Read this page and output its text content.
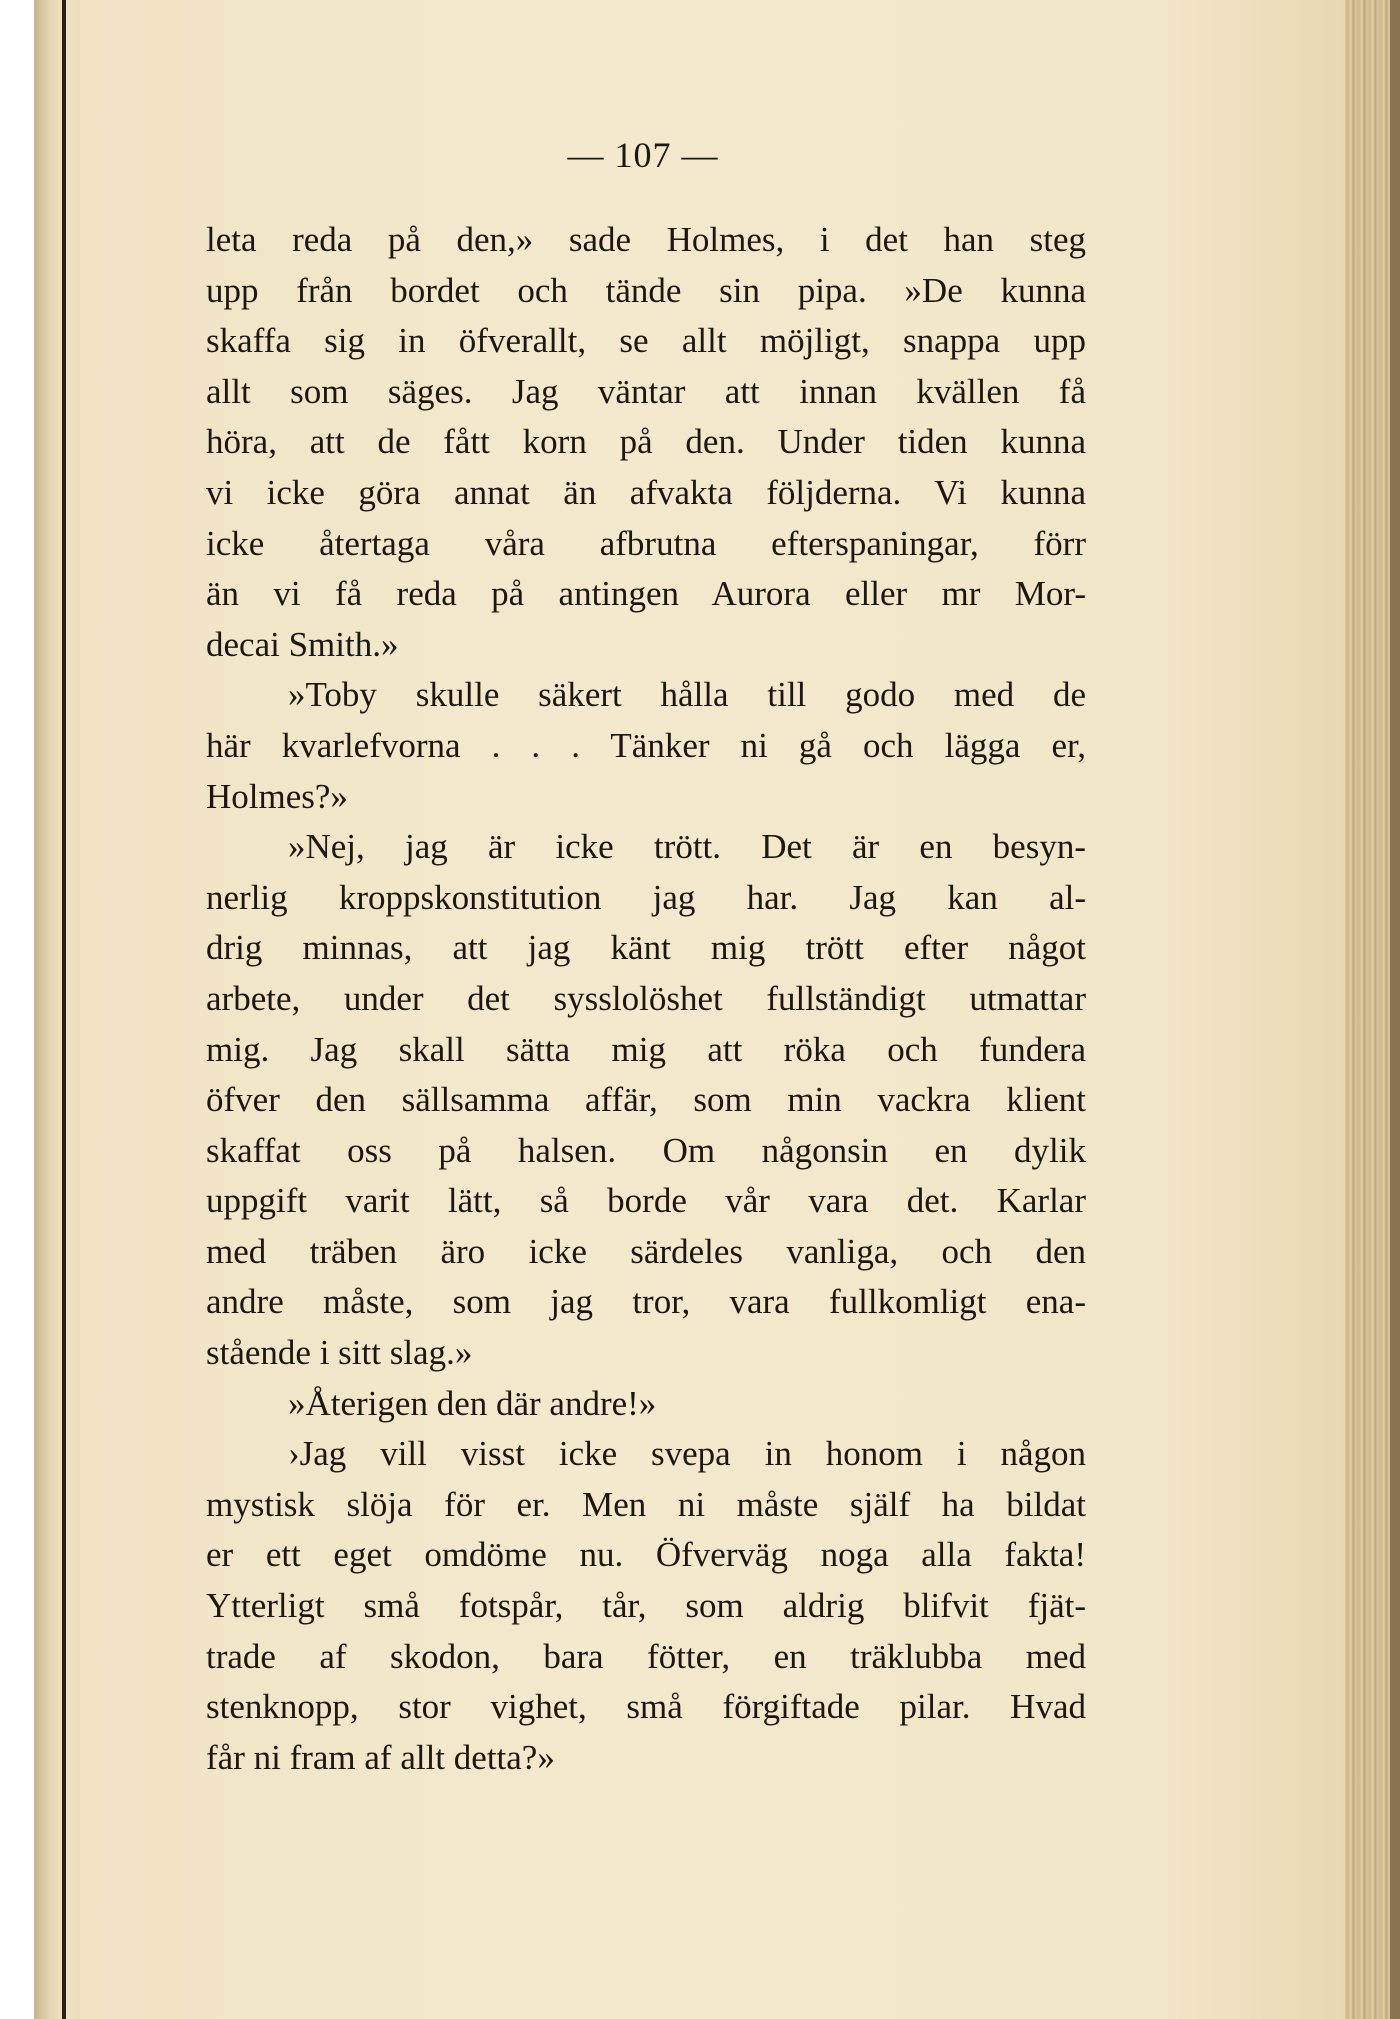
— 107 —
leta reda på den,» sade Holmes, i det han steg
upp från bordet och tände sin pipa. »De kunna
skaffa sig in öfverallt, se allt möjligt, snappa upp
allt som säges. Jag väntar att innan kvällen få
höra, att de fått korn på den. Under tiden kunna
vi icke göra annat än afvakta följderna. Vi kunna
icke återtaga våra afbrutna efterspaningar, förr
än vi få reda på antingen Aurora eller mr Mor-
decai Smith.»
»Toby skulle säkert hålla till godo med de
här kvarlefvorna . . . Tänker ni gå och lägga er,
Holmes?»
»Nej, jag är icke trött. Det är en besyn-
nerlig kroppskonstitution jag har. Jag kan al-
drig minnas, att jag känt mig trött efter något
arbete, under det sysslolöshet fullständigt utmattar
mig. Jag skall sätta mig att röka och fundera
öfver den sällsamma affär, som min vackra klient
skaffat oss på halsen. Om någonsin en dylik
uppgift varit lätt, så borde vår vara det. Karlar
med träben äro icke särdeles vanliga, och den
andre måste, som jag tror, vara fullkomligt ena-
stående i sitt slag.»
»Återigen den där andre!»
›Jag vill visst icke svepa in honom i någon
mystisk slöja för er. Men ni måste själf ha bildat
er ett eget omdöme nu. Öfverväg noga alla fakta!
Ytterligt små fotspår, tår, som aldrig blifvit fjät-
trade af skodon, bara fötter, en träklubba med
stenknopp, stor vighet, små förgiftade pilar. Hvad
får ni fram af allt detta?»
